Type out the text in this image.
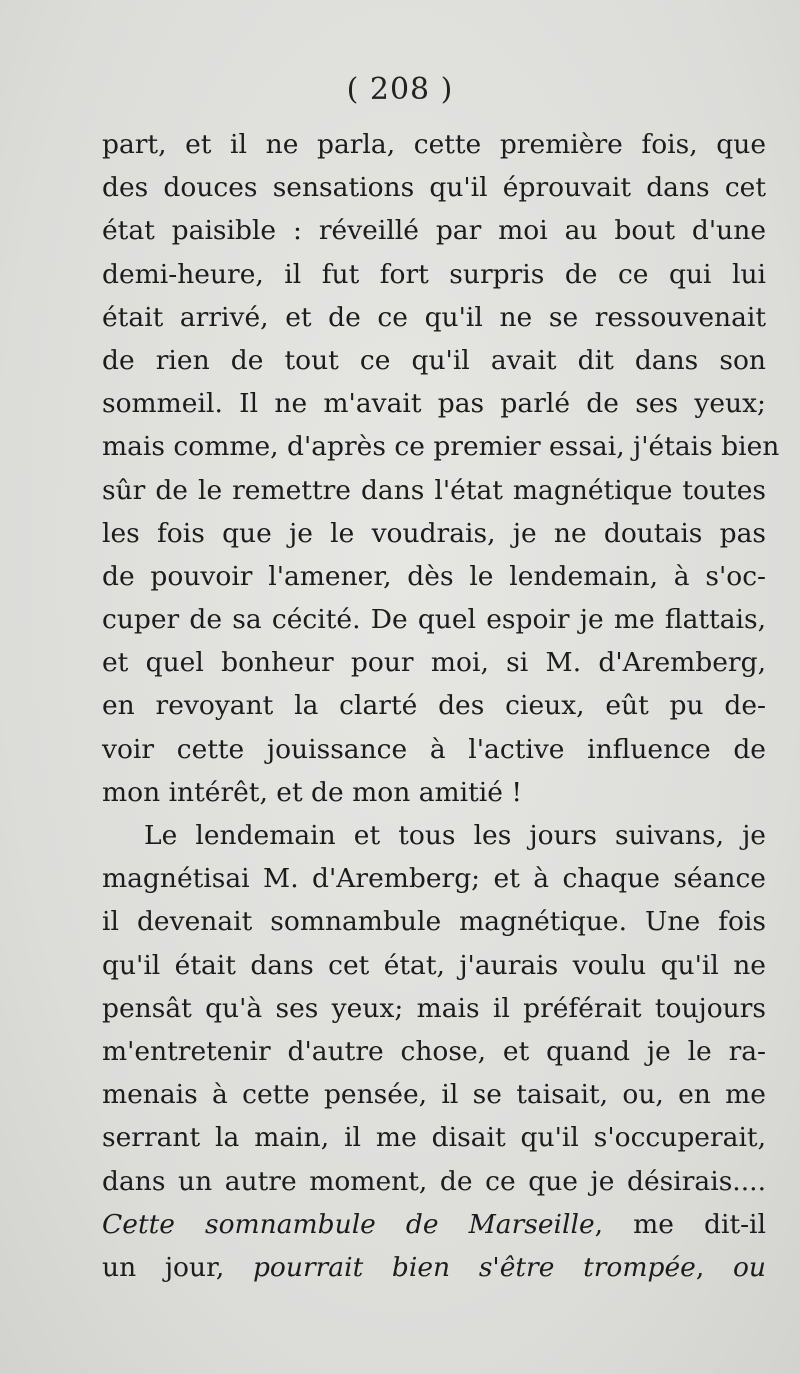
( 208 )
part, et il ne parla, cette première fois, que
des douces sensations qu'il éprouvait dans cet
état paisible : réveillé par moi au bout d'une
demi-heure, il fut fort surpris de ce qui lui
était arrivé, et de ce qu'il ne se ressouvenait
de rien de tout ce qu'il avait dit dans son
sommeil. Il ne m'avait pas parlé de ses yeux;
mais comme, d'après ce premier essai, j'étais bien
sûr de le remettre dans l'état magnétique toutes
les fois que je le voudrais, je ne doutais pas
de pouvoir l'amener, dès le lendemain, à s'oc-
cuper de sa cécité. De quel espoir je me flattais,
et quel bonheur pour moi, si M. d'Aremberg,
en revoyant la clarté des cieux, eût pu de-
voir cette jouissance à l'active influence de
mon intérêt, et de mon amitié !
Le lendemain et tous les jours suivans, je
magnétisai M. d'Aremberg; et à chaque séance
il devenait somnambule magnétique. Une fois
qu'il était dans cet état, j'aurais voulu qu'il ne
pensât qu'à ses yeux; mais il préférait toujours
m'entretenir d'autre chose, et quand je le ra-
menais à cette pensée, il se taisait, ou, en me
serrant la main, il me disait qu'il s'occuperait,
dans un autre moment, de ce que je désirais....
Cette somnambule de Marseille, me dit-il
un jour, pourrait bien s'être trompée, ou
